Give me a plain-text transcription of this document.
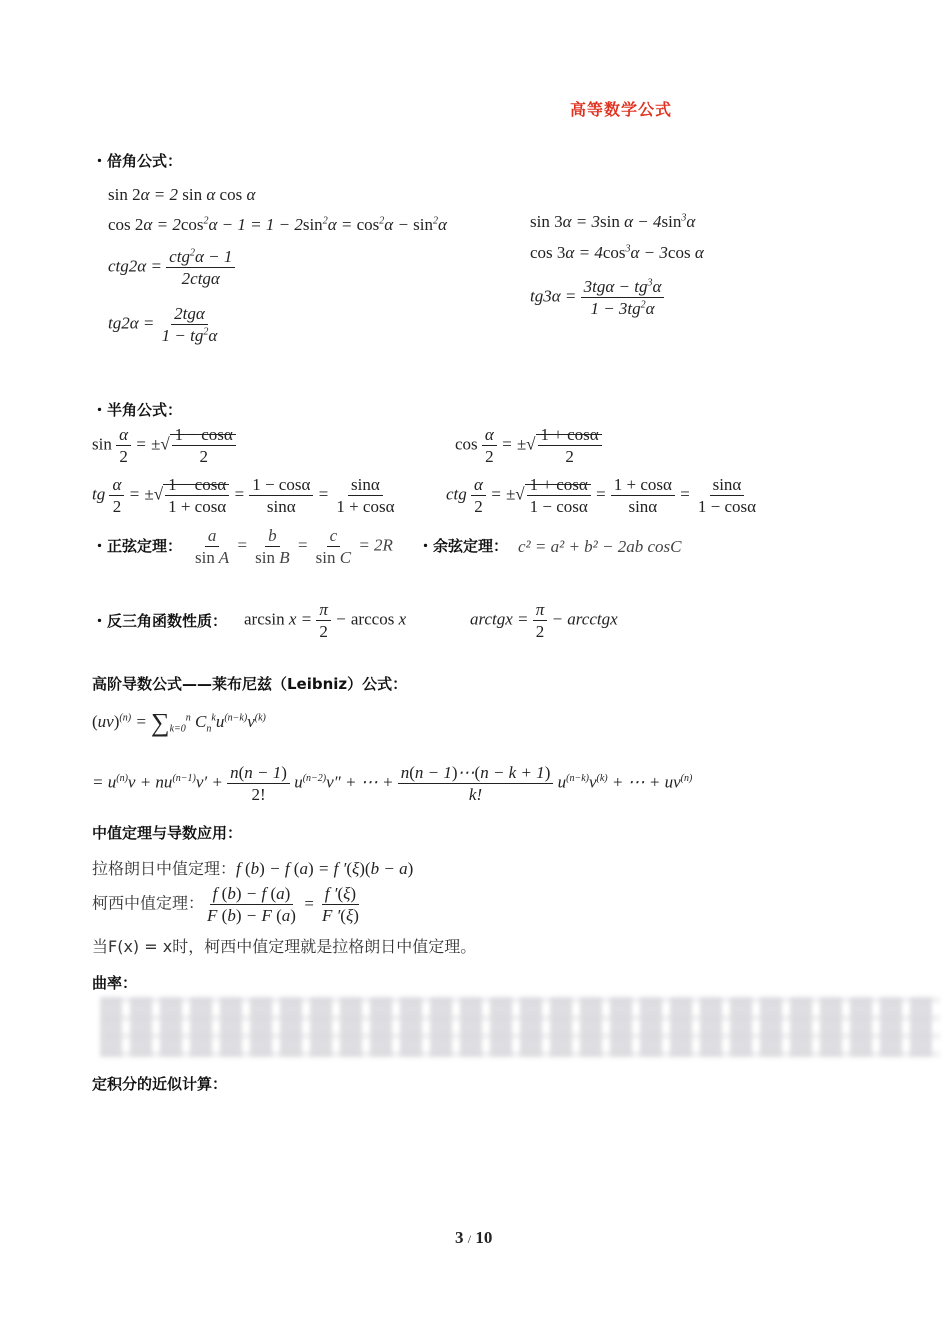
高等数学公式
・倍角公式：
sin 2α = 2 sin α cos α
$\cos 2\alpha = 2\cos^2\alpha - 1 = 1 - 2\sin^2\alpha = \cos^2\alpha - \sin^2\alpha$
$ctg2\alpha = \frac{ctg^2\alpha - 1}{\text{2ctgα}}$
$tg2\alpha = \frac{\text{2tgα}}{1 - tg^2\alpha}$
sin 3α = 3sin $\alpha - 4\sin^3\alpha$
$\cos 3\alpha = 4\cos^3\alpha - 3\cos$ α
$tg3\alpha = \frac{3tg\alpha - tg^3\alpha}{1 - 3tg^2\alpha}$
・半角公式：
$\sin \frac{\alpha}{2}$ = ±√ $\frac{1 - \cos\alpha}{2}$	$\cos \frac{\alpha}{2}$ = ±√ $\frac{1 + \cos\alpha}{2}$
tg $\frac{\alpha}{2}$ = ±√ $\frac{1 - \cos\alpha}{1 + \cos\alpha} = \frac{1 - \cos\alpha}{\sin\alpha} = \frac{\sin\alpha}{1 + \cos\alpha}$	ctg $\frac{\alpha}{2}$ = ±√ $\frac{1 + \cos\alpha}{1 - \cos\alpha} = \frac{1 + \cos\alpha}{\sin\alpha} = \frac{\sin\alpha}{1 - \cos\alpha}$
・正弦定理： $\frac{a}{\text{sin A}} = \frac{b}{\text{sin B}} = \frac{c}{\text{sin C}} = 2R$ ・余弦定理： c² = a² + b² − 2ab cosC
・反三角函数性质： $\arcsin x = \frac{\pi}{2} - \arccos x$	arctgx = $\frac{\pi}{2}$ − arcctgx
高阶导数公式——莱布尼兹（Leibniz）公式：
$(uv)^{(n)} = \sum_{k=0}^n$ $C_n^ku^{(n-k)}v^{(k)}$
= $u^{(n)}v + nu^{(n-1)}v' + \frac{n(n - 1)}{2!} u^{(n-2)}v''$ + ⋯ + $\frac{n(n - 1)\cdots(n - k + 1)}{k!} u^{(n-k)}v^{(k)}$ + ⋯ + $uv^{(n)}$
中值定理与导数应用：
拉格朗日中值定理：f (b) − f (a) = f ′(ξ)(b − a)
柯西中值定理： $\frac{f (b) - f (a)}{F (b) - F (a)} = \frac{f '(\xi)}{F '(\xi)}$
当F(x) = x时，柯西中值定理就是拉格朗日中值定理。
曲率：
定积分的近似计算：
3 / 10
